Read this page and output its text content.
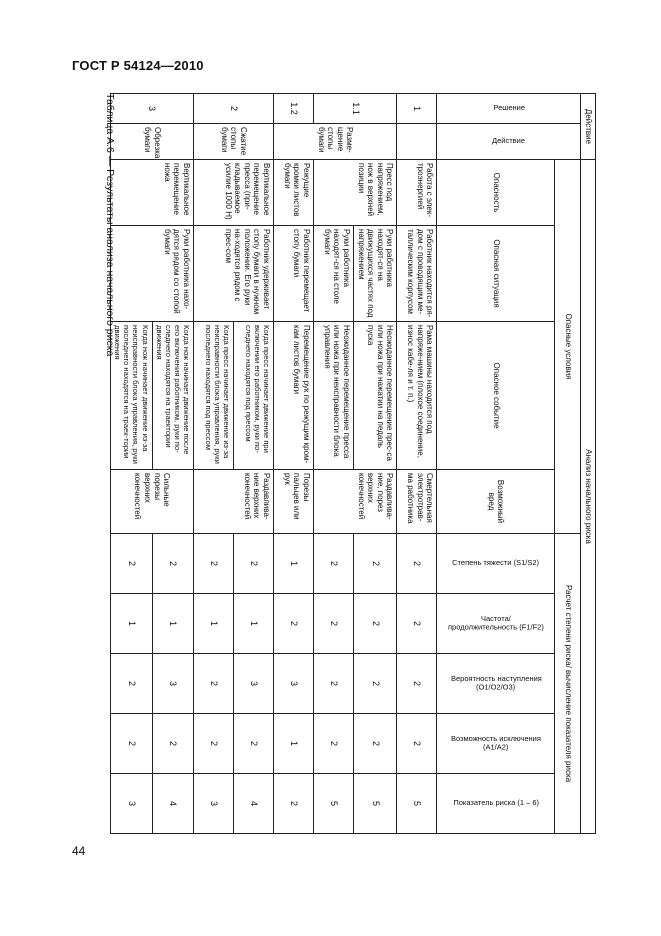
ГОСТ Р 54124—2010
Действие		Анализ начального риска								

Решение	Действие	Опасные условия				Расчет степени риска/ вычисление показателя риска				
		Опасность	Опасная ситуация	Опасное событие	Возможный вред	Степень тяжести (S1/S2)	Частота/ продолжительность (F1/F2)	Вероятность наступления (O1/O2/O3)	Возможность исключения (A1/A2)	Показатель риска (1 – 6)

1		Работа с элек-троэнергией	Работник находится ря-дом с проводящим ме-таллическим корпусом	Рама машины находится под напряже-нием (плохое соединение, износ кабе-ля и т. п.)	Смертельная электротрав-ма работника	2	2	2	2	5
1.1	Разме-щение стопы бумаги	Пресс под напряжением, нож в верхней позиции	Руки работника находят-ся на движущихся частях под напряжением	Неожиданное перемещение прес-са или ножа при нажатии на педаль пуска	Раздавлива-ние, порез верхних конечностей	2	2	2	2	5
			Руки работника находят-ся на столе бумаги	Неожиданное перемещение пресса или ножа при неисправности блока управления		2	2	2	2	5
1.2		Режущие кромки листов бумаги	Работник перемещает стопу бумаги	Перемещение рук по режущим кром-кам листов бумаги	Порезы пальцев или рук	1	2	3	1	2
2	Сжатие стопы бумаги	Вертикальное перемещение пресса (при-кладываемое усилие 1000 Н)	Работник удерживает стопу бумаги в нужном положении. Его руки на-ходятся рядом с прес-сом	Когда пресс начинает движение при включении его работником, руки по-следнего находятся под прессом	Раздавлива-ние верхних конечностей	2	1	3	2	4
				Когда пресс начинает движение из-за неисправности блока управления, руки последнего находятся под прессом		2	1	2	2	3
3	Обрезка бумаги	Вертикальное перемещение ножа	Руки работника нахо-дятся рядом со стопой бумаги	Когда нож начинает движение после его включения работником, руки по-следнего находятся на траектории движения	Сильные порезы верхних конечностей	2	1	3	2	4
				Когда нож начинает движение из-за неисправности блока управления, руки последнего находятся на траек-тории движения		2	1	2	2	3
Таблица А.6 — Результаты анализа начального риска
44
